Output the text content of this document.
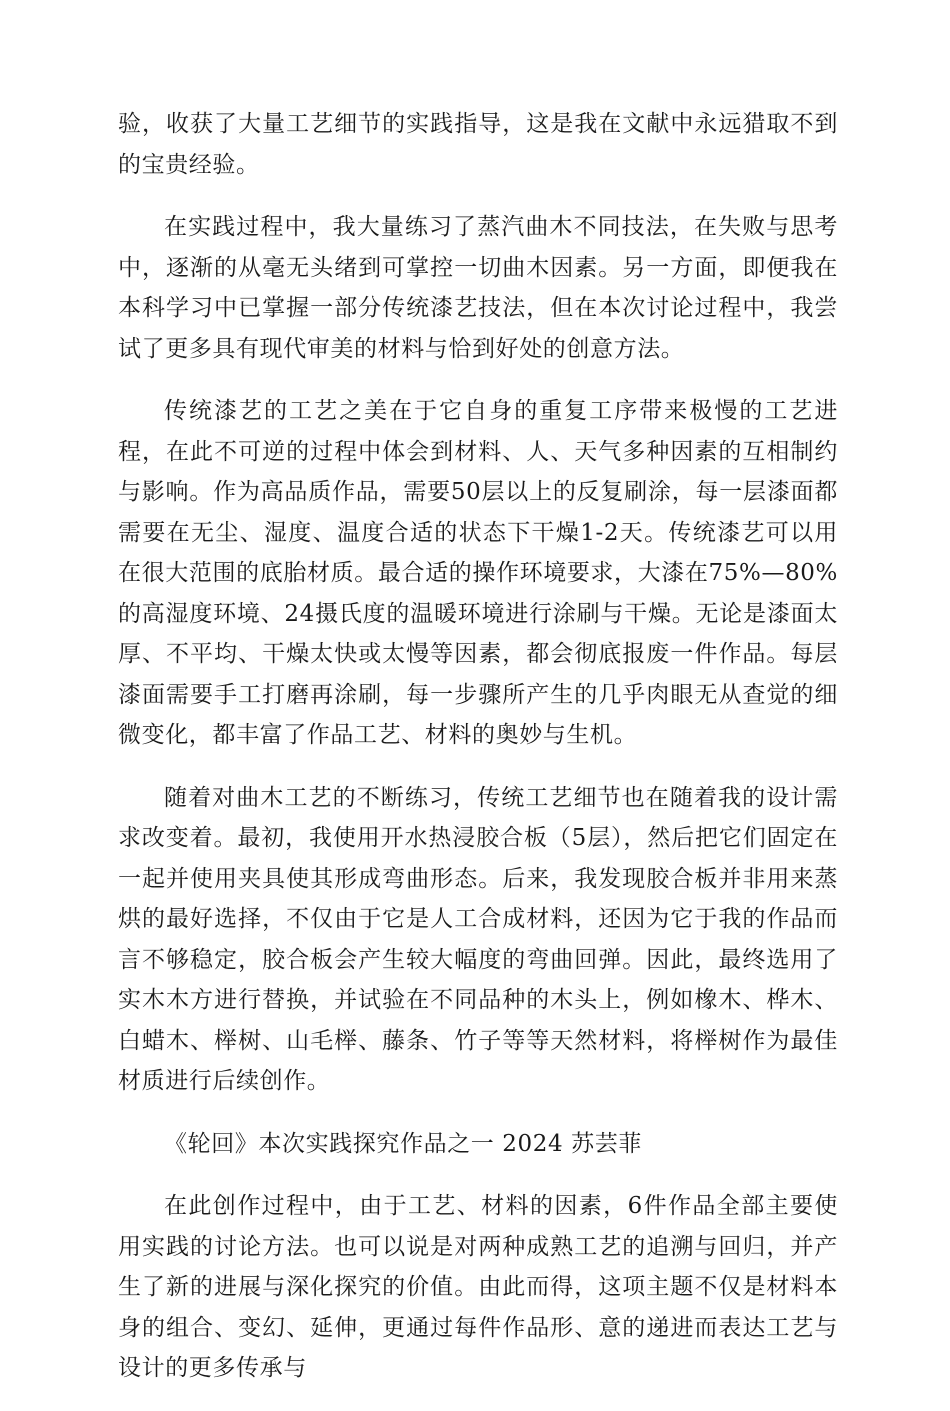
验，收获了大量工艺细节的实践指导，这是我在文献中永远猎取不到的宝贵经验。

在实践过程中，我大量练习了蒸汽曲木不同技法，在失败与思考中，逐渐的从毫无头绪到可掌控一切曲木因素。另一方面，即便我在本科学习中已掌握一部分传统漆艺技法，但在本次讨论过程中，我尝试了更多具有现代审美的材料与恰到好处的创意方法。

传统漆艺的工艺之美在于它自身的重复工序带来极慢的工艺进程，在此不可逆的过程中体会到材料、人、天气多种因素的互相制约与影响。作为高品质作品，需要50层以上的反复刷涂，每一层漆面都需要在无尘、湿度、温度合适的状态下干燥1-2天。传统漆艺可以用在很大范围的底胎材质。最合适的操作环境要求，大漆在75%—80%的高湿度环境、24摄氏度的温暖环境进行涂刷与干燥。无论是漆面太厚、不平均、干燥太快或太慢等因素，都会彻底报废一件作品。每层漆面需要手工打磨再涂刷，每一步骤所产生的几乎肉眼无从查觉的细微变化，都丰富了作品工艺、材料的奥妙与生机。

随着对曲木工艺的不断练习，传统工艺细节也在随着我的设计需求改变着。最初，我使用开水热浸胶合板（5层），然后把它们固定在一起并使用夹具使其形成弯曲形态。后来，我发现胶合板并非用来蒸烘的最好选择，不仅由于它是人工合成材料，还因为它于我的作品而言不够稳定，胶合板会产生较大幅度的弯曲回弹。因此，最终选用了实木木方进行替换，并试验在不同品种的木头上，例如橡木、桦木、白蜡木、榉树、山毛榉、藤条、竹子等等天然材料，将榉树作为最佳材质进行后续创作。

《轮回》本次实践探究作品之一 2024 苏芸菲

在此创作过程中，由于工艺、材料的因素，6件作品全部主要使用实践的讨论方法。也可以说是对两种成熟工艺的追溯与回归，并产生了新的进展与深化探究的价值。由此而得，这项主题不仅是材料本身的组合、变幻、延伸，更通过每件作品形、意的递进而表达工艺与设计的更多传承与
